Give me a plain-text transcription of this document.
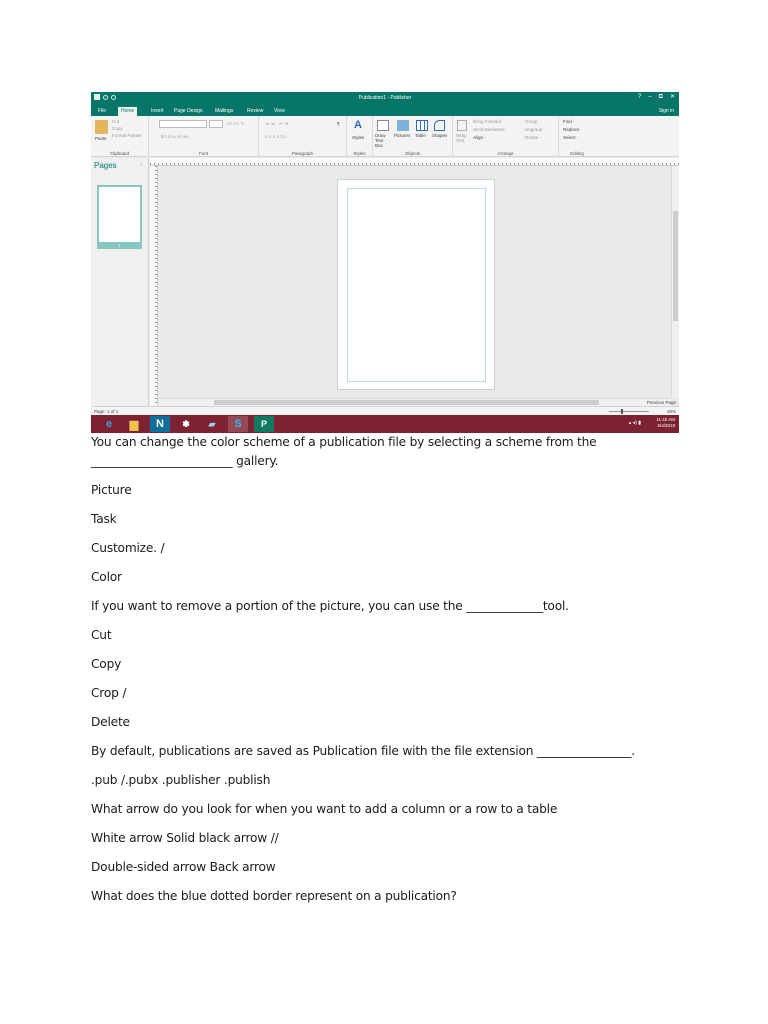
Publication1 - Publisher	? – ⧉ ✕
File	Home	Insert	Page Design	Mailings	Review	View	Sign in
Paste
Cut
Copy
Format Painter
Clipboard
A˄ A˅ ✎
B I U x₂ x² Aa ·
Font
≔ ≔ · ⇤ ⇥	¶
≡ ≡ ≡ ≡ ‡≡ ·
Paragraph
A
Styles
Styles
Draw Text Box
Pictures Table Shapes
Objects
Wrap Text
Bring Forward ·
Send Backward ·
Align ·
Group
Ungroup
Rotate ·
Arrange
Find ·
Replace
Select ·
Editing
Pages	‹
1
Page: 1 of 1
Previous Page
40%
e	▆	N	✽	▰	S	P	▴ ◂) ▮
11:40 AM
6/4/2018
You can change the color scheme of a publication file by selecting a scheme from the
________________________ gallery.
Picture
Task
Customize. /
Color
If you want to remove a portion of the picture, you can use the _____________tool.
Cut
Copy
Crop /
Delete
By default, publications are saved as Publication file with the file extension ________________.
.pub /.pubx .publisher .publish
What arrow do you look for when you want to add a column or a row to a table
White arrow Solid black arrow //
Double-sided arrow Back arrow
What does the blue dotted border represent on a publication?
